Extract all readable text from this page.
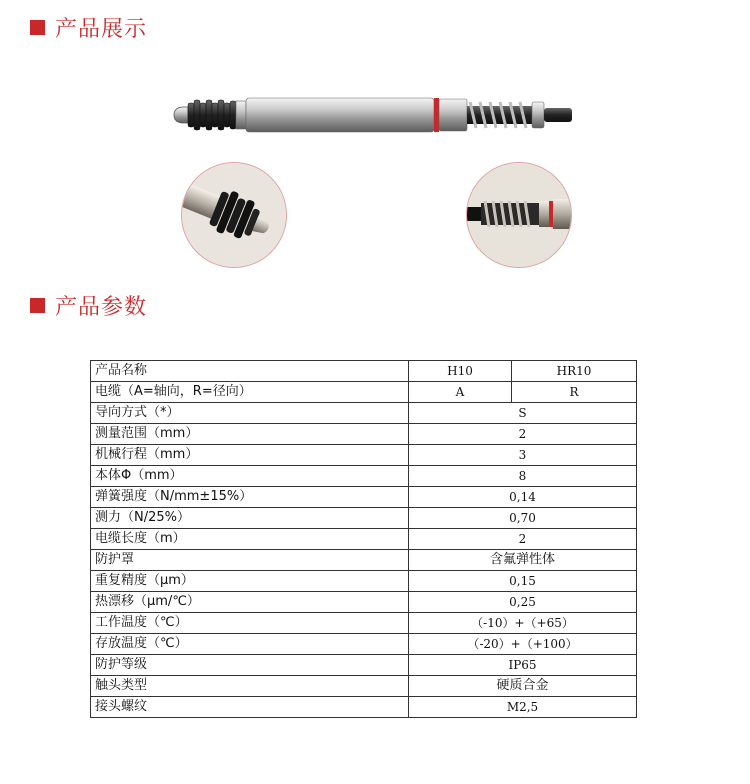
产品展示
产品参数
产品名称	H10	HR10
电缆（A=轴向，R=径向）	A	R
导向方式（*）	S	
测量范围（mm）	2	
机械行程（mm）	3	
本体Φ（mm）	8	
弹簧强度（N/mm±15%）	0,14	
测力（N/25%）	0,70	
电缆长度（m）	2	
防护罩	含氟弹性体	
重复精度（μm）	0,15	
热漂移（μm/℃）	0,25	
工作温度（℃）	（-10）+（+65）	
存放温度（℃）	（-20）+（+100）	
防护等级	IP65	
触头类型	硬质合金	
接头螺纹	M2,5	
